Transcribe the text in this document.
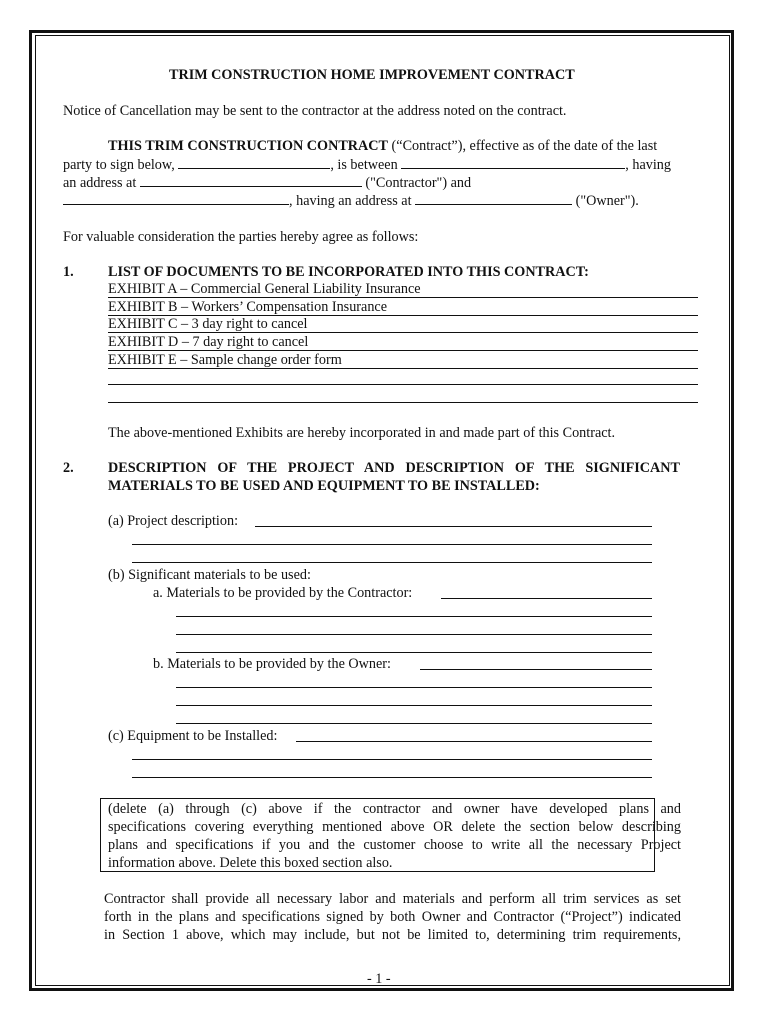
TRIM CONSTRUCTION HOME IMPROVEMENT CONTRACT
Notice of Cancellation may be sent to the contractor at the address noted on the contract.
THIS TRIM CONSTRUCTION CONTRACT (“Contract”), effective as of the date of the last
party to sign below,	, is between	, having
an address at	("Contractor") and
, having an address at	("Owner").
For valuable consideration the parties hereby agree as follows:
1. LIST OF DOCUMENTS TO BE INCORPORATED INTO THIS CONTRACT:
EXHIBIT A – Commercial General Liability Insurance
EXHIBIT B – Workers’ Compensation Insurance
EXHIBIT C – 3 day right to cancel
EXHIBIT D – 7 day right to cancel
EXHIBIT E – Sample change order form
The above-mentioned Exhibits are hereby incorporated in and made part of this Contract.
2. DESCRIPTION OF THE PROJECT AND DESCRIPTION OF THE SIGNIFICANT
MATERIALS TO BE USED AND EQUIPMENT TO BE INSTALLED:
(a) Project description:
(b) Significant materials to be used:
a. Materials to be provided by the Contractor:
b. Materials to be provided by the Owner:
(c) Equipment to be Installed:
(delete (a) through (c) above if the contractor and owner have developed plans and
specifications covering everything mentioned above OR delete the section below describing
plans and specifications if you and the customer choose to write all the necessary Project
information above. Delete this boxed section also.
Contractor shall provide all necessary labor and materials and perform all trim services as set
forth in the plans and specifications signed by both Owner and Contractor (“Project”) indicated
in Section 1 above, which may include, but not be limited to, determining trim requirements,
- 1 -
